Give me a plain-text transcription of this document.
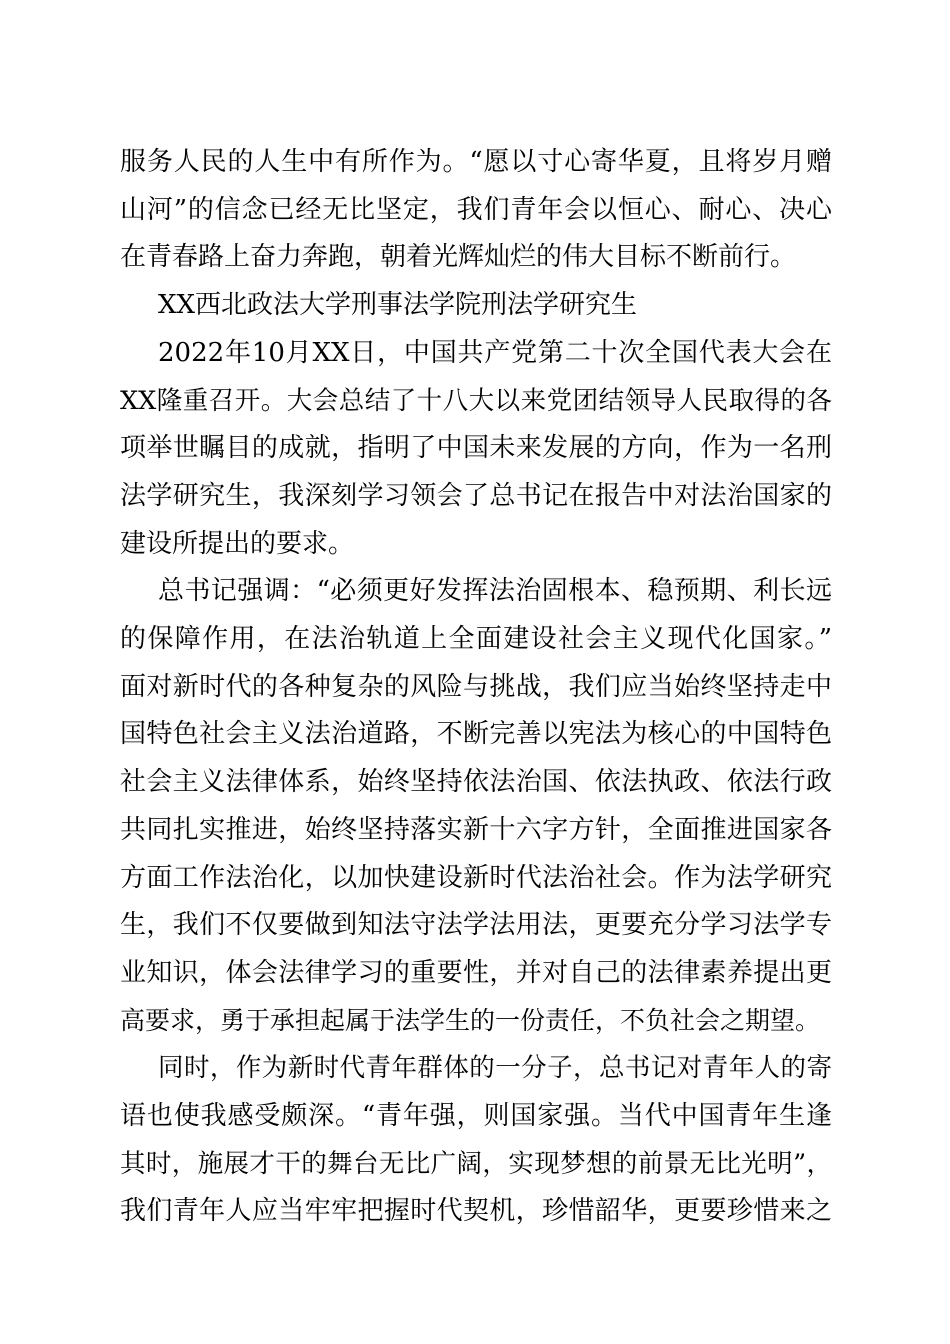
服务人民的人生中有所作为。“愿以寸心寄华夏，且将岁月赠
山河”的信念已经无比坚定，我们青年会以恒心、耐心、决心
在青春路上奋力奔跑，朝着光辉灿烂的伟大目标不断前行。
XX西北政法大学刑事法学院刑法学研究生
2022年10月XX日，中国共产党第二十次全国代表大会在
XX隆重召开。大会总结了十八大以来党团结领导人民取得的各
项举世瞩目的成就，指明了中国未来发展的方向，作为一名刑
法学研究生，我深刻学习领会了总书记在报告中对法治国家的
建设所提出的要求。
总书记强调：“必须更好发挥法治固根本、稳预期、利长远
的保障作用，在法治轨道上全面建设社会主义现代化国家。”
面对新时代的各种复杂的风险与挑战，我们应当始终坚持走中
国特色社会主义法治道路，不断完善以宪法为核心的中国特色
社会主义法律体系，始终坚持依法治国、依法执政、依法行政
共同扎实推进，始终坚持落实新十六字方针，全面推进国家各
方面工作法治化，以加快建设新时代法治社会。作为法学研究
生，我们不仅要做到知法守法学法用法，更要充分学习法学专
业知识，体会法律学习的重要性，并对自己的法律素养提出更
高要求，勇于承担起属于法学生的一份责任，不负社会之期望。
同时，作为新时代青年群体的一分子，总书记对青年人的寄
语也使我感受颇深。“青年强，则国家强。当代中国青年生逢
其时，施展才干的舞台无比广阔，实现梦想的前景无比光明”，
我们青年人应当牢牢把握时代契机，珍惜韶华，更要珍惜来之
